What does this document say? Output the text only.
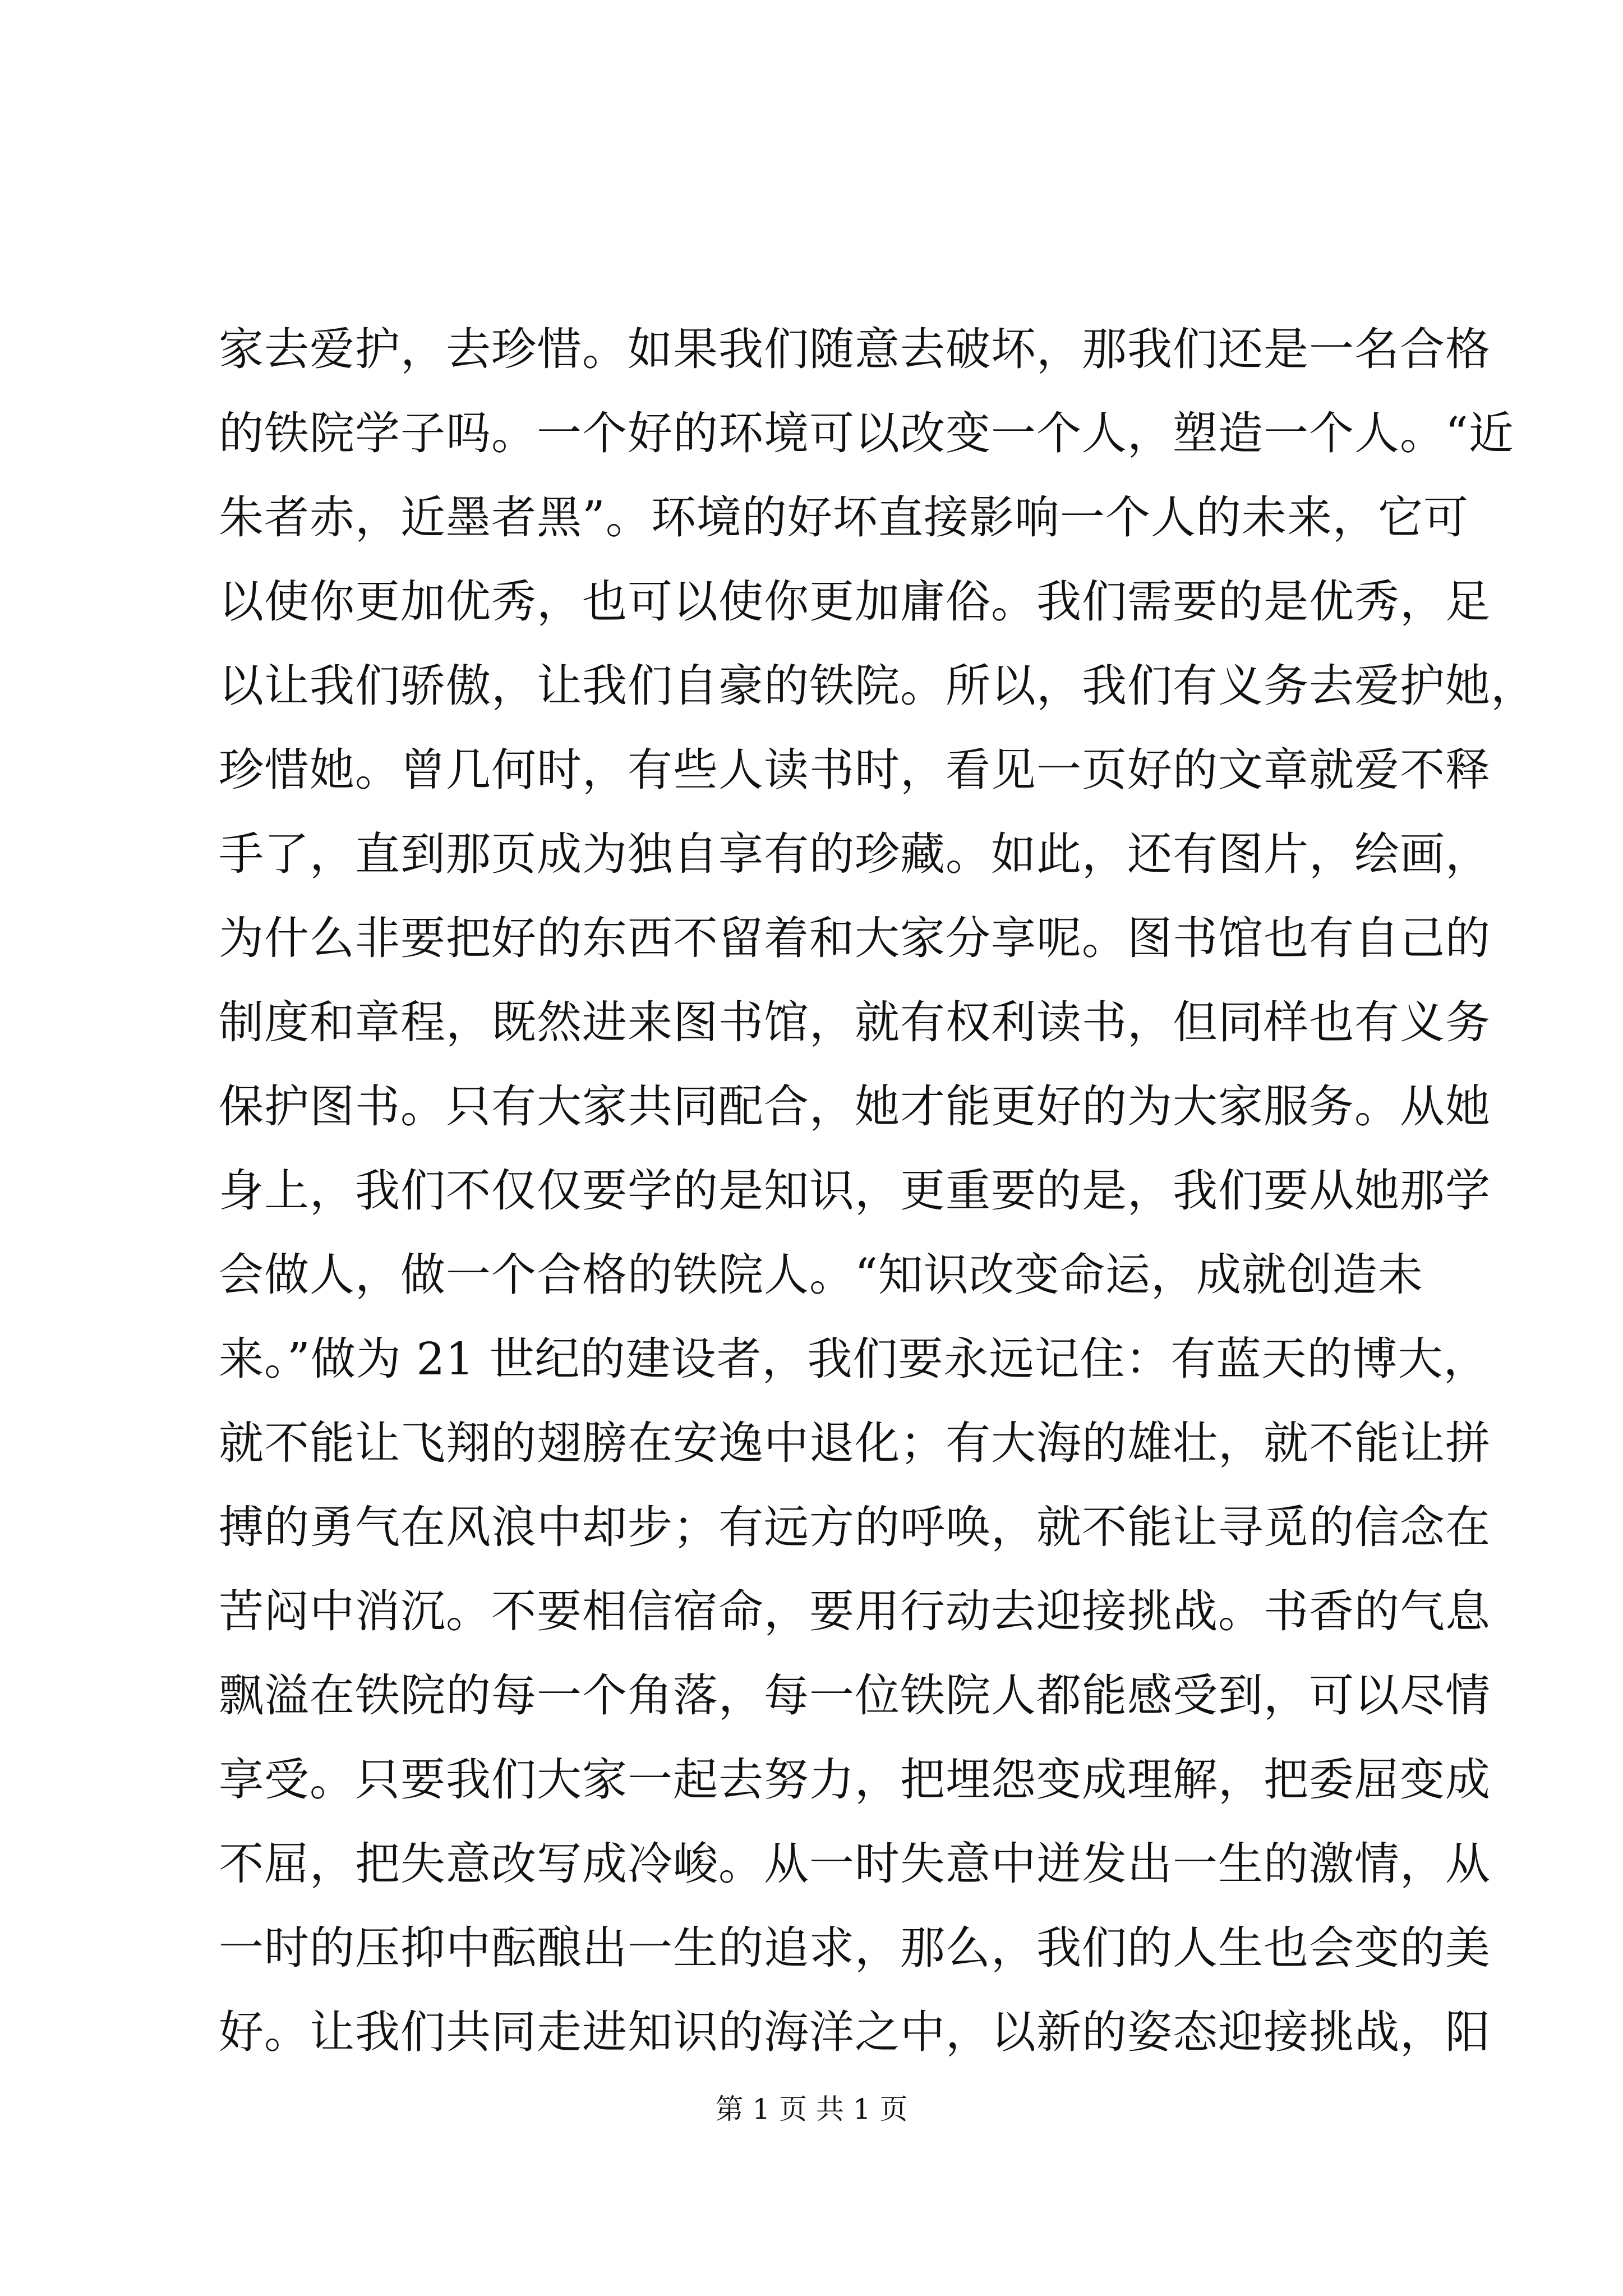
家去爱护，去珍惜。如果我们随意去破坏，那我们还是一名合格
的铁院学子吗。一个好的环境可以改变一个人，塑造一个人。“近
朱者赤，近墨者黑”。环境的好坏直接影响一个人的未来，它可
以使你更加优秀，也可以使你更加庸俗。我们需要的是优秀，足
以让我们骄傲，让我们自豪的铁院。所以，我们有义务去爱护她，
珍惜她。曾几何时，有些人读书时，看见一页好的文章就爱不释
手了，直到那页成为独自享有的珍藏。如此，还有图片，绘画，
为什么非要把好的东西不留着和大家分享呢。图书馆也有自己的
制度和章程，既然进来图书馆，就有权利读书，但同样也有义务
保护图书。只有大家共同配合，她才能更好的为大家服务。从她
身上，我们不仅仅要学的是知识，更重要的是，我们要从她那学
会做人，做一个合格的铁院人。“知识改变命运，成就创造未
来。”做为 21 世纪的建设者，我们要永远记住：有蓝天的博大，
就不能让飞翔的翅膀在安逸中退化；有大海的雄壮，就不能让拼
搏的勇气在风浪中却步；有远方的呼唤，就不能让寻觅的信念在
苦闷中消沉。不要相信宿命，要用行动去迎接挑战。书香的气息
飘溢在铁院的每一个角落，每一位铁院人都能感受到，可以尽情
享受。只要我们大家一起去努力，把埋怨变成理解，把委屈变成
不屈，把失意改写成冷峻。从一时失意中迸发出一生的激情，从
一时的压抑中酝酿出一生的追求，那么，我们的人生也会变的美
好。让我们共同走进知识的海洋之中，以新的姿态迎接挑战，阳
第 1 页 共 1 页
